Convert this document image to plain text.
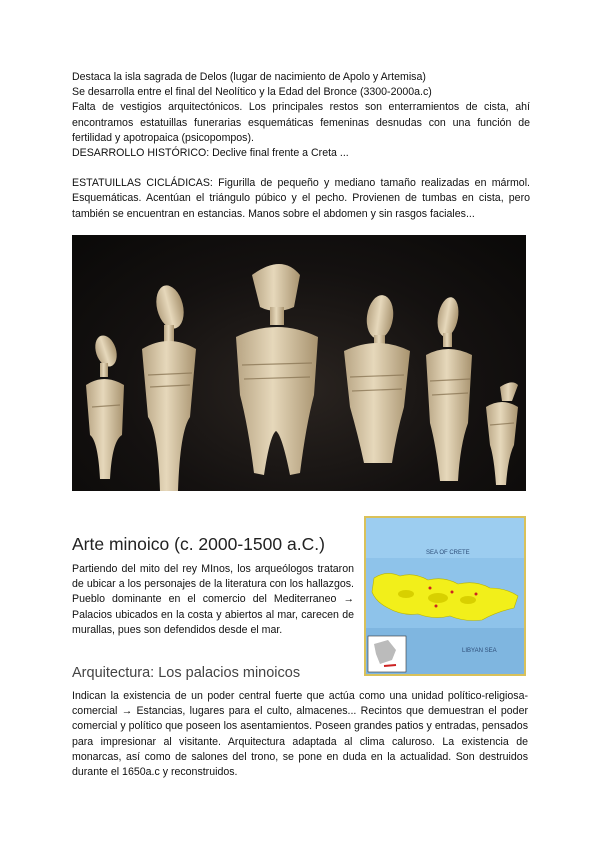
Destaca la isla sagrada de Delos (lugar de nacimiento de Apolo y Artemisa)

Se desarrolla entre el final del Neolítico y la Edad del Bronce (3300-2000a.c)

Falta de vestigios arquitectónicos. Los principales restos son enterramientos de cista, ahí encontramos estatuillas funerarias esquemáticas femeninas desnudas con una función de fertilidad y apotropaica (psicopompos).

DESARROLLO HISTÓRICO: Declive final frente a Creta ...

ESTATUILLAS CICLÁDICAS: Figurilla de pequeño y mediano tamaño realizadas en mármol. Esquemáticas. Acentúan el triángulo púbico y el pecho. Provienen de tumbas en cista, pero también se encuentran en estancias. Manos sobre el abdomen y sin rasgos faciales...

Arte minoico (c. 2000-1500 a.C.)

Partiendo del mito del rey MInos, los arqueólogos trataron de ubicar a los personajes de la literatura con los hallazgos. Pueblo dominante en el comercio del Mediterraneo → Palacios ubicados en la costa y abiertos al mar, carecen de murallas, pues son defendidos desde el mar.

SEA OF CRETE
LIBYAN SEA
Arquitectura: Los palacios minoicos

Indican la existencia de un poder central fuerte que actúa como una unidad político-religiosa-comercial → Estancias, lugares para el culto, almacenes... Recintos que demuestran el poder comercial y político que poseen los asentamientos. Poseen grandes patios y entradas, pensados para impresionar al visitante. Arquitectura adaptada al clima caluroso. La existencia de monarcas, así como de salones del trono, se pone en duda en la actualidad. Son destruidos durante el 1650a.c y reconstruidos.
